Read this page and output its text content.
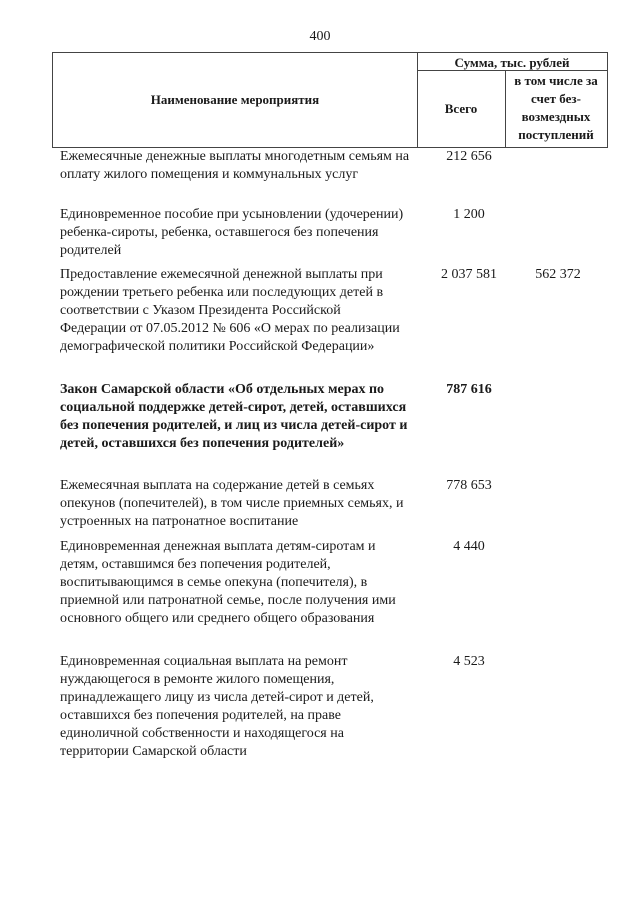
400
Наименование мероприятия
Сумма, тыс. рублей
Всего
в том числе за счет без-возмездных поступлений
Ежемесячные денежные выплаты многодетным семьям на оплату жилого помещения и коммунальных услуг
212 656
Единовременное пособие при усыновлении (удочерении) ребенка-сироты, ребенка, оставшегося без попечения родителей
1 200
Предоставление ежемесячной денежной выплаты при рождении третьего ребенка или последующих детей в соответствии с Указом Президента Российской Федерации от 07.05.2012 № 606 «О мерах по реализации демографической политики Российской Федерации»
2 037 581	562 372
Закон Самарской области «Об отдельных мерах по социальной поддержке детей-сирот, детей, оставшихся без попечения родителей, и лиц из числа детей-сирот и детей, оставшихся без попечения родителей»
787 616
Ежемесячная выплата на содержание детей в семьях опекунов (попечителей), в том числе приемных семьях, и устроенных на патронатное воспитание
778 653
Единовременная денежная выплата детям-сиротам и детям, оставшимся без попечения родителей, воспитывающимся в семье опекуна (попечителя), в приемной или патронатной семье, после получения ими основного общего или среднего общего образования
4 440
Единовременная социальная выплата на ремонт нуждающегося в ремонте жилого помещения, принадлежащего лицу из числа детей-сирот и детей, оставшихся без попечения родителей, на праве единоличной собственности и находящегося на территории Самарской области
4 523
